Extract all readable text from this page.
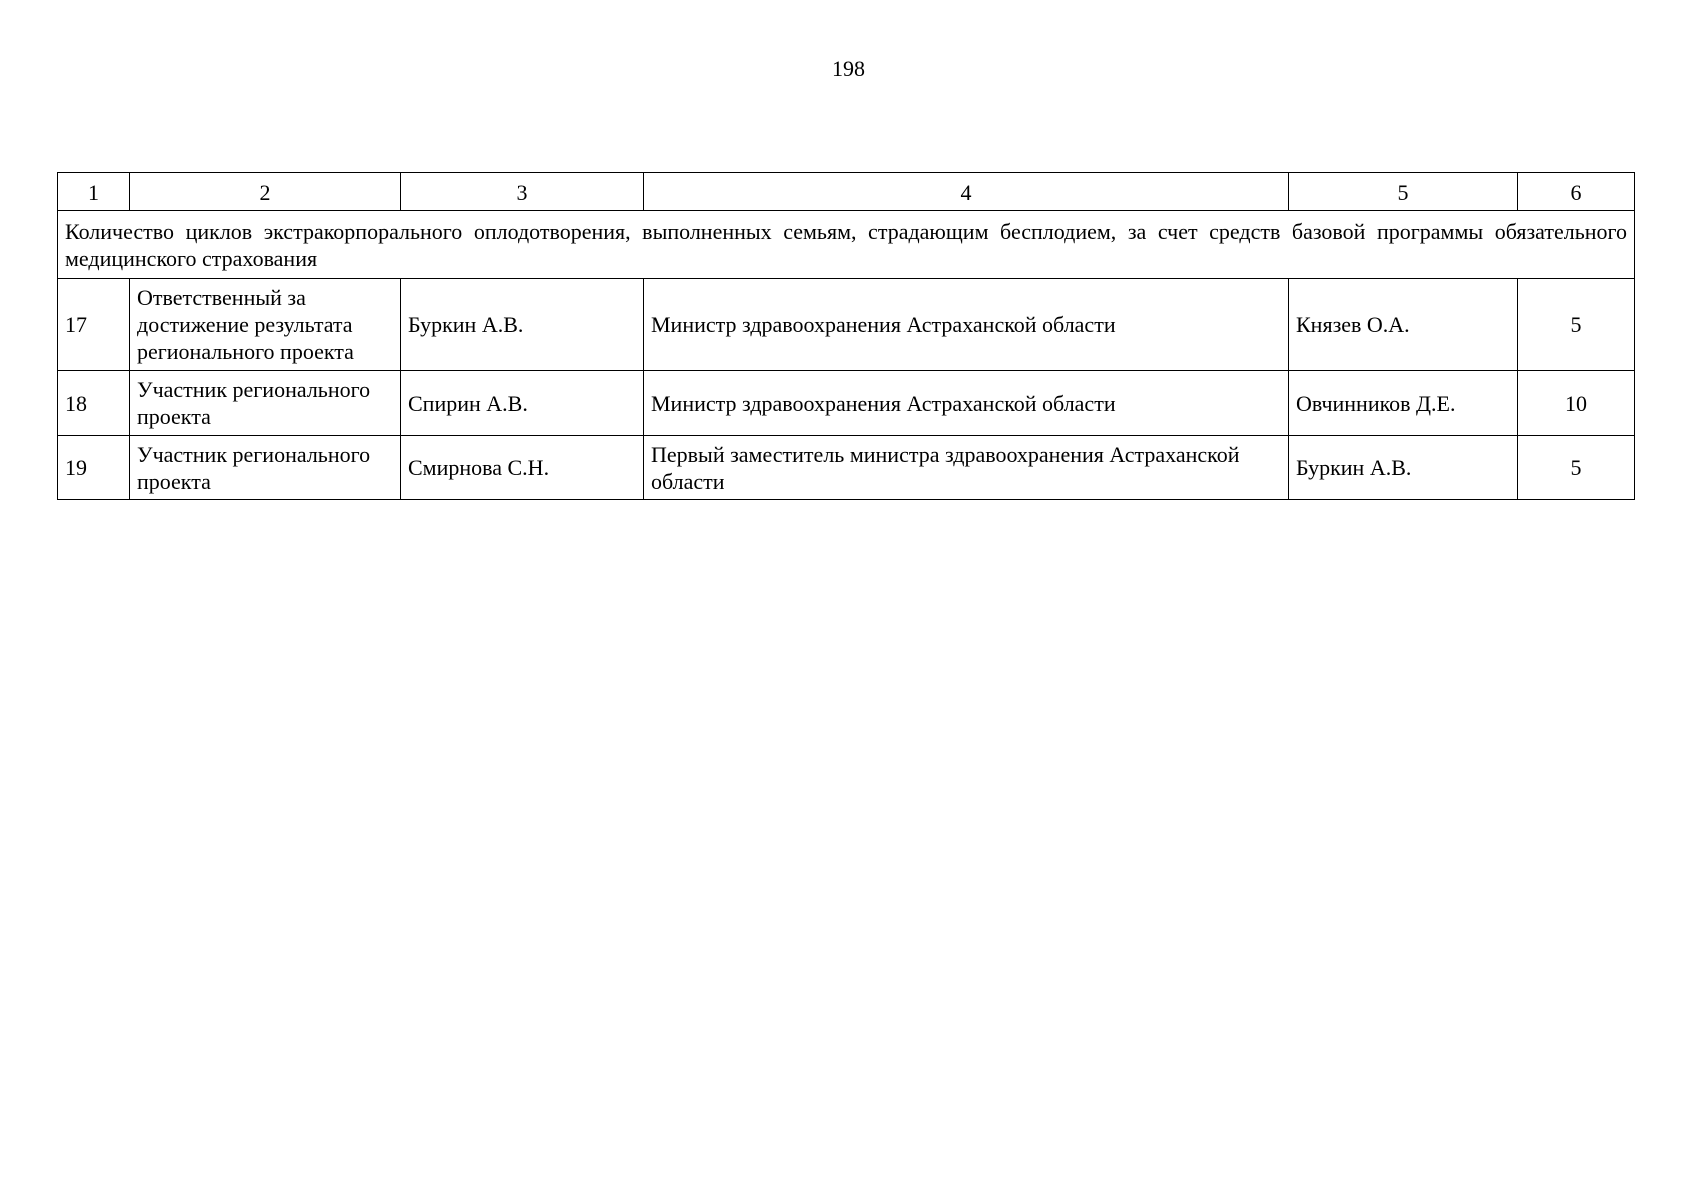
198
1	2	3	4	5	6
Количество циклов экстракорпорального оплодотворения, выполненных семьям, страдающим бесплодием, за счет средств базовой программы обязательного медицинского страхования					
17	Ответственный за достижение результата регионального проекта	Буркин А.В.	Министр здравоохранения Астраханской области	Князев О.А.	5
18	Участник регионального проекта	Спирин А.В.	Министр здравоохранения Астраханской области	Овчинников Д.Е.	10
19	Участник регионального проекта	Смирнова С.Н.	Первый заместитель министра здравоохранения Астраханской области	Буркин А.В.	5
